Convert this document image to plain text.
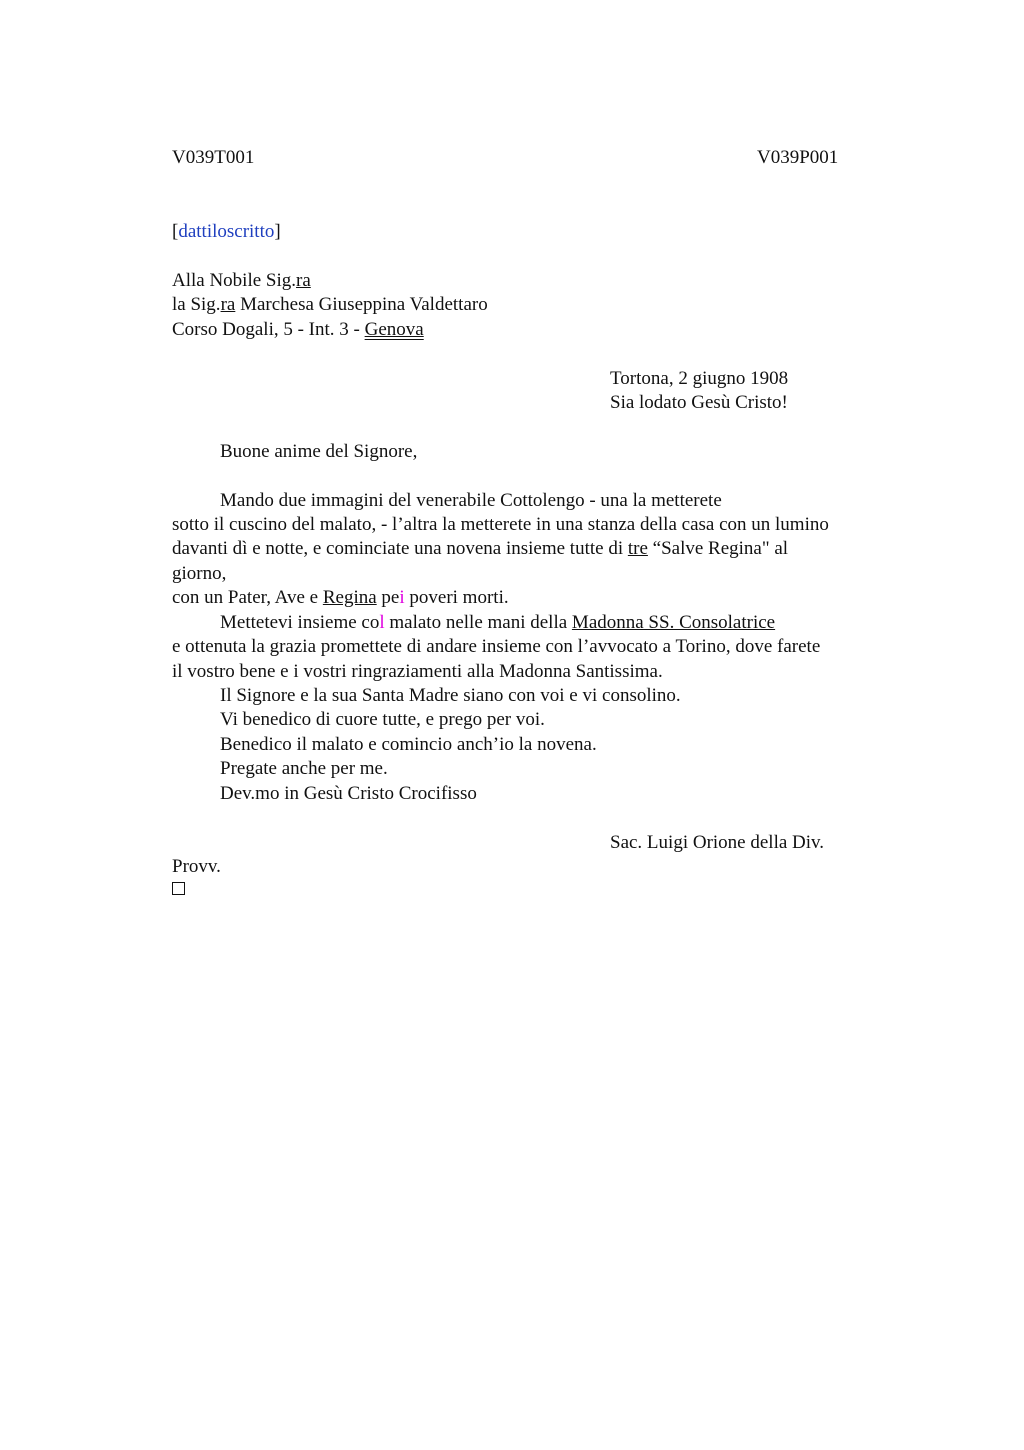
V039T001	V039P001
[dattiloscritto]
Alla Nobile Sig.ra
la Sig.ra Marchesa Giuseppina Valdettaro
Corso Dogali, 5 - Int. 3 - Genova
Tortona, 2 giugno 1908
Sia lodato Gesù Cristo!
Buone anime del Signore,
Mando due immagini del venerabile Cottolengo - una la metterete
sotto il cuscino del malato, - l’altra la metterete in una stanza della casa con un lumino
davanti dì e notte, e cominciate una novena insieme tutte di tre “Salve Regina" al
giorno,
con un Pater, Ave e Regina pei poveri morti.
Mettetevi insieme col malato nelle mani della Madonna SS. Consolatrice
e ottenuta la grazia promettete di andare insieme con l’avvocato a Torino, dove farete
il vostro bene e i vostri ringraziamenti alla Madonna Santissima.
Il Signore e la sua Santa Madre siano con voi e vi consolino.
Vi benedico di cuore tutte, e prego per voi.
Benedico il malato e comincio anch’io la novena.
Pregate anche per me.
Dev.mo in Gesù Cristo Crocifisso
Sac. Luigi Orione della Div.
Provv.
